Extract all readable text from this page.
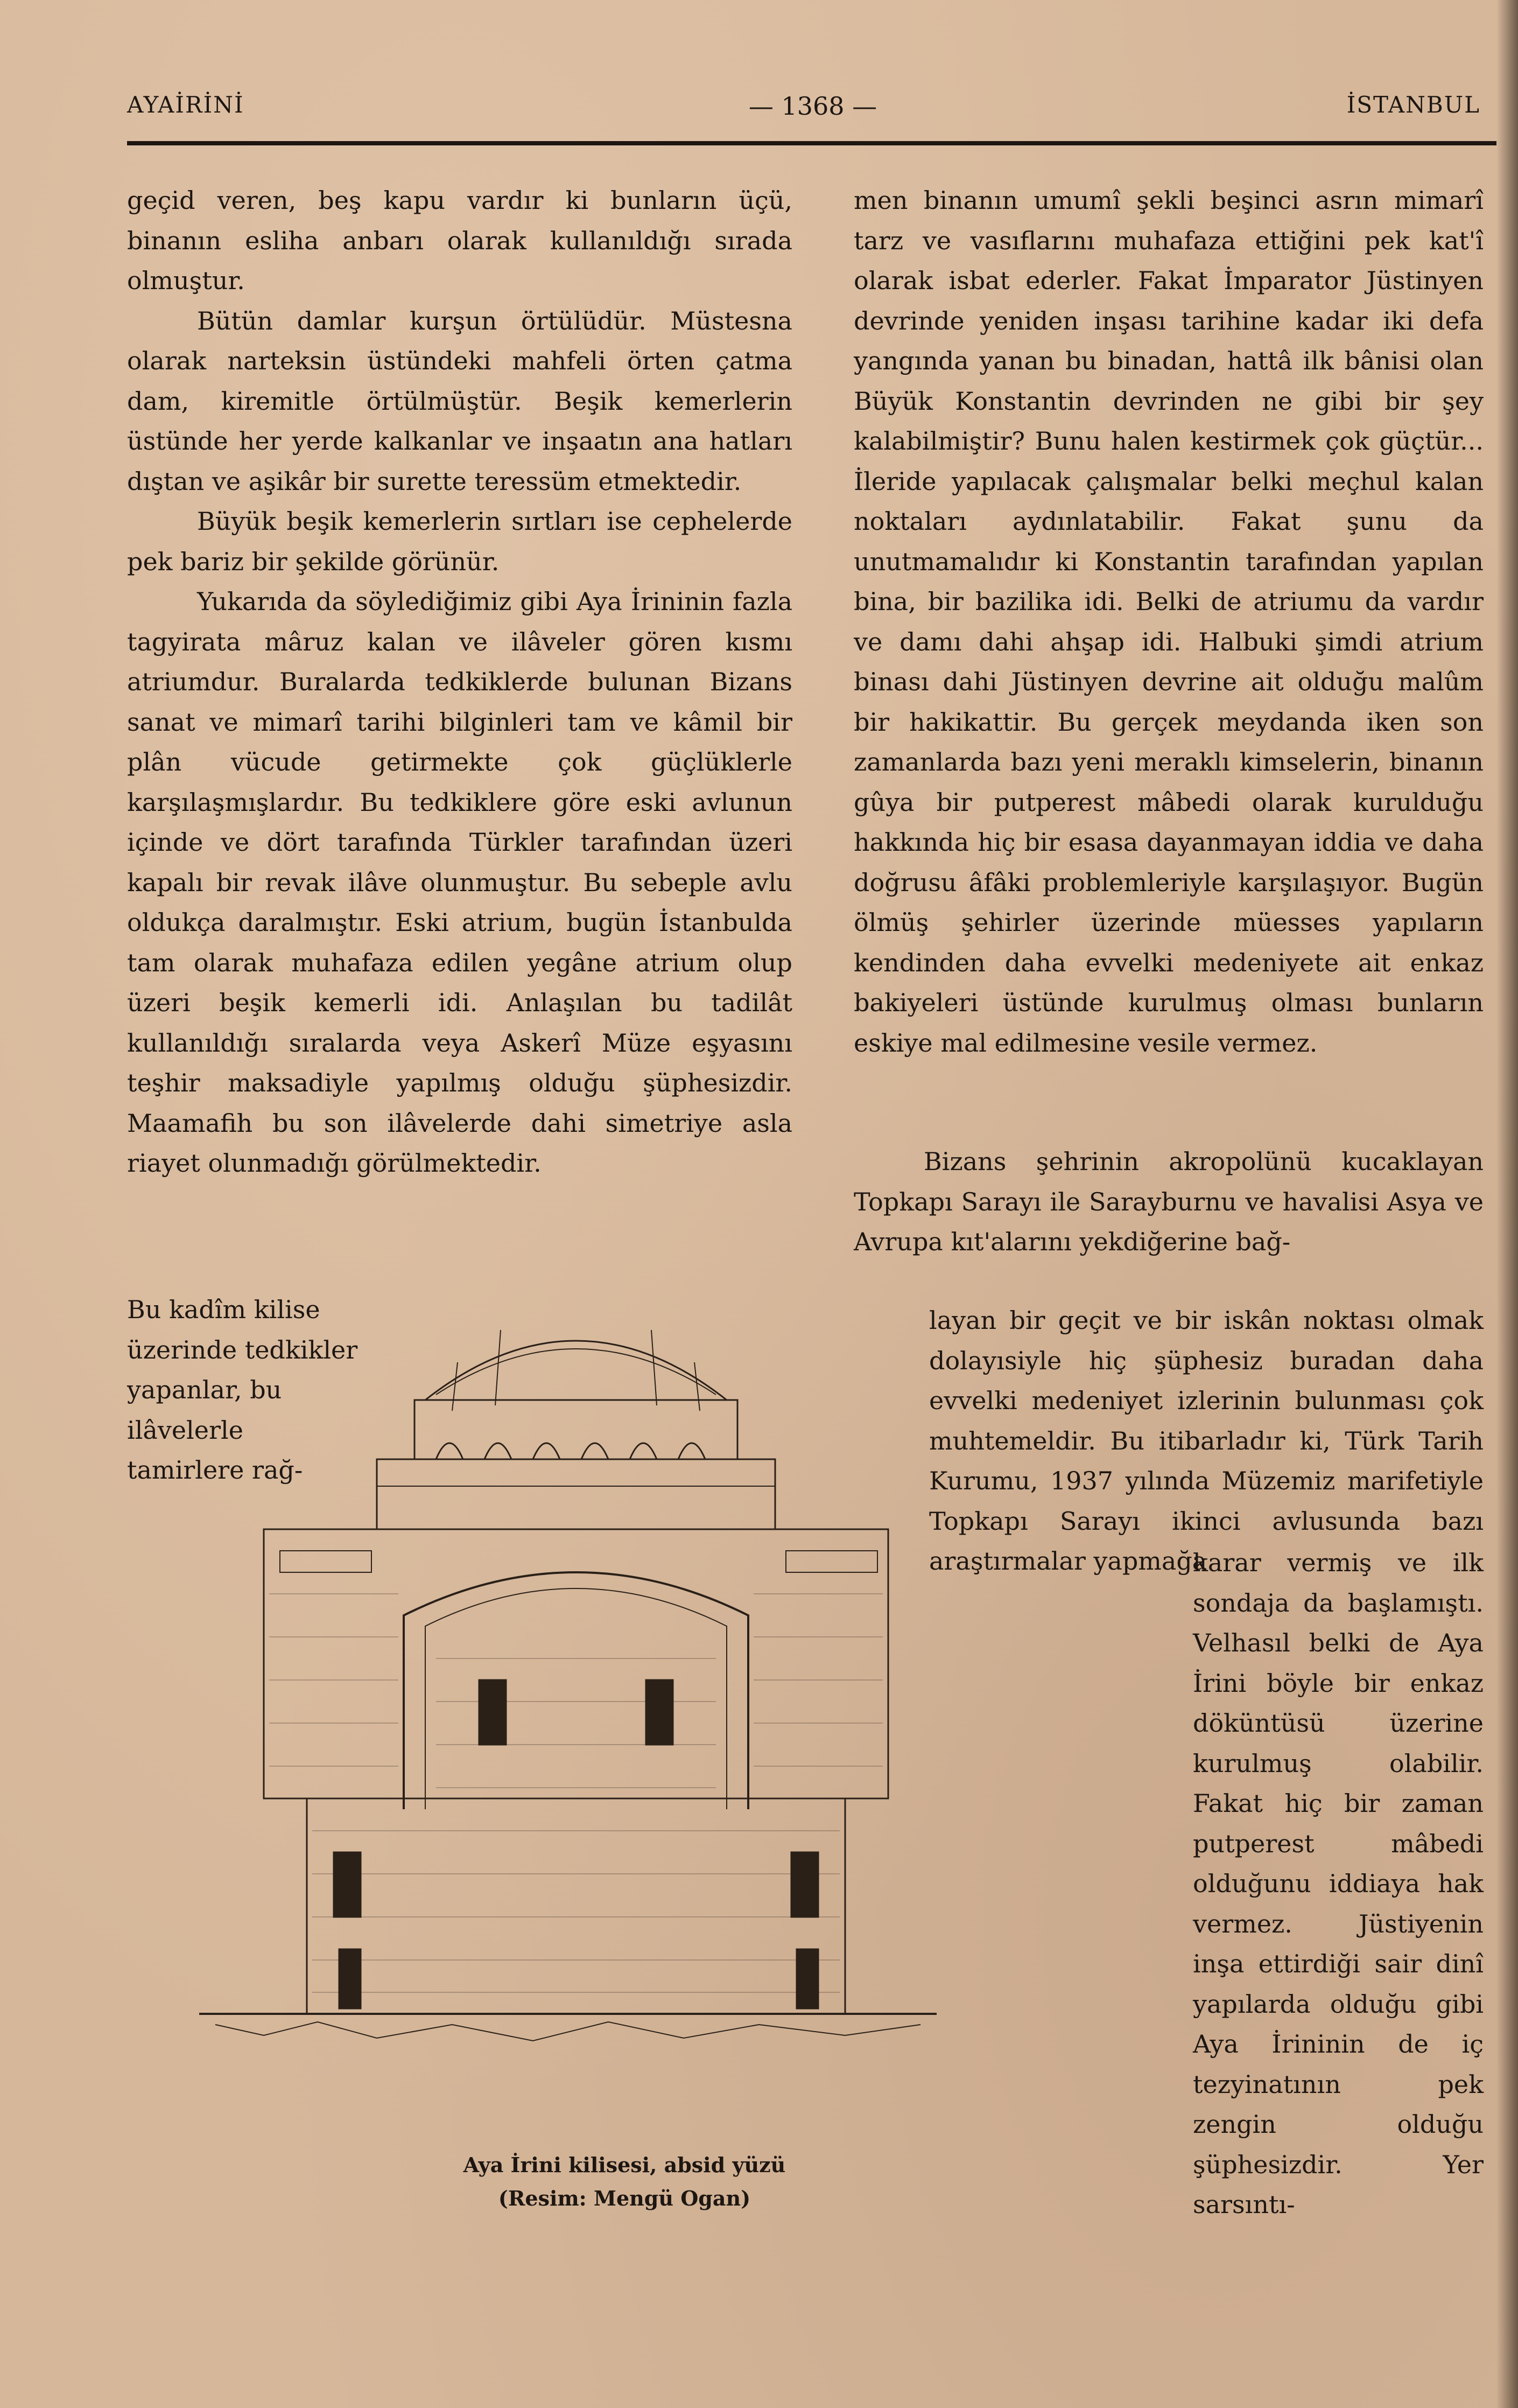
AYAİRİNİ	— 1368 —	İSTANBUL

geçid veren, beş kapu vardır ki bunların üçü, binanın esliha anbarı olarak kullanıldığı sırada olmuştur.

Bütün damlar kurşun örtülüdür. Müstesna olarak narteksin üstündeki mahfeli örten çatma dam, kiremitle örtülmüştür. Beşik kemerlerin üstünde her yerde kalkanlar ve inşaatın ana hatları dıştan ve aşikâr bir surette teressüm etmektedir.

Büyük beşik kemerlerin sırtları ise cephelerde pek bariz bir şekilde görünür.

Yukarıda da söylediğimiz gibi Aya İrininin fazla tagyirata mâruz kalan ve ilâveler gören kısmı atriumdur. Buralarda tedkiklerde bulunan Bizans sanat ve mimarî tarihi bilginleri tam ve kâmil bir plân vücude getirmekte çok güçlüklerle karşılaşmışlardır. Bu tedkiklere göre eski avlunun içinde ve dört tarafında Türkler tarafından üzeri kapalı bir revak ilâve olunmuştur. Bu sebeple avlu oldukça daralmıştır. Eski atrium, bugün İstanbulda tam olarak muhafaza edilen yegâne atrium olup üzeri beşik kemerli idi. Anlaşılan bu tadilât kullanıldığı sıralarda veya Askerî Müze eşyasını teşhir maksadiyle yapılmış olduğu şüphesizdir. Maamafih bu son ilâvelerde dahi simetriye asla riayet olunmadığı görülmektedir.

men binanın umumî şekli beşinci asrın mimarî tarz ve vasıflarını muhafaza ettiğini pek kat'î olarak isbat ederler. Fakat İmparator Jüstinyen devrinde yeniden inşası tarihine kadar iki defa yangında yanan bu binadan, hattâ ilk bânisi olan Büyük Konstantin devrinden ne gibi bir şey kalabilmiştir? Bunu halen kestirmek çok güçtür... İleride yapılacak çalışmalar belki meçhul kalan noktaları aydınlatabilir. Fakat şunu da unutmamalıdır ki Konstantin tarafından yapılan bina, bir bazilika idi. Belki de atriumu da vardır ve damı dahi ahşap idi. Halbuki şimdi atrium binası dahi Jüstinyen devrine ait olduğu malûm bir hakikattir. Bu gerçek meydanda iken son zamanlarda bazı yeni meraklı kimselerin, binanın gûya bir putperest mâbedi olarak kurulduğu hakkında hiç bir esasa dayanmayan iddia ve daha doğrusu âfâki problemleriyle karşılaşıyor. Bugün ölmüş şehirler üzerinde müesses yapıların kendinden daha evvelki medeniyete ait enkaz bakiyeleri üstünde kurulmuş olması bunların eskiye mal edilmesine vesile vermez.

Bu kadîm kilise üzerinde tedkikler yapanlar, bu ilâvelerle tamirlere rağ-

Bizans şehrinin akropolünü kucaklayan Topkapı Sarayı ile Sarayburnu ve havalisi Asya ve Avrupa kıt'alarını yekdiğerine bağ-

layan bir geçit ve bir iskân noktası olmak dolayısiyle hiç şüphesiz buradan daha evvelki medeniyet izlerinin bulunması çok muhtemeldir. Bu itibarladır ki, Türk Tarih Kurumu, 1937 yılında Müzemiz marifetiyle Topkapı Sarayı ikinci avlusunda bazı araştırmalar yapmağa
karar vermiş ve ilk sondaja da başlamıştı. Velhasıl belki de Aya İrini böyle bir enkaz döküntüsü üzerine kurulmuş olabilir. Fakat hiç bir zaman putperest mâbedi olduğunu iddiaya hak vermez. Jüstiyenin inşa ettirdiği sair dinî yapılarda olduğu gibi Aya İrininin de iç tezyinatının pek zengin olduğu şüphesizdir. Yer sarsıntı-
Aya İrini kilisesi, absid yüzü
(Resim: Mengü Ogan)
